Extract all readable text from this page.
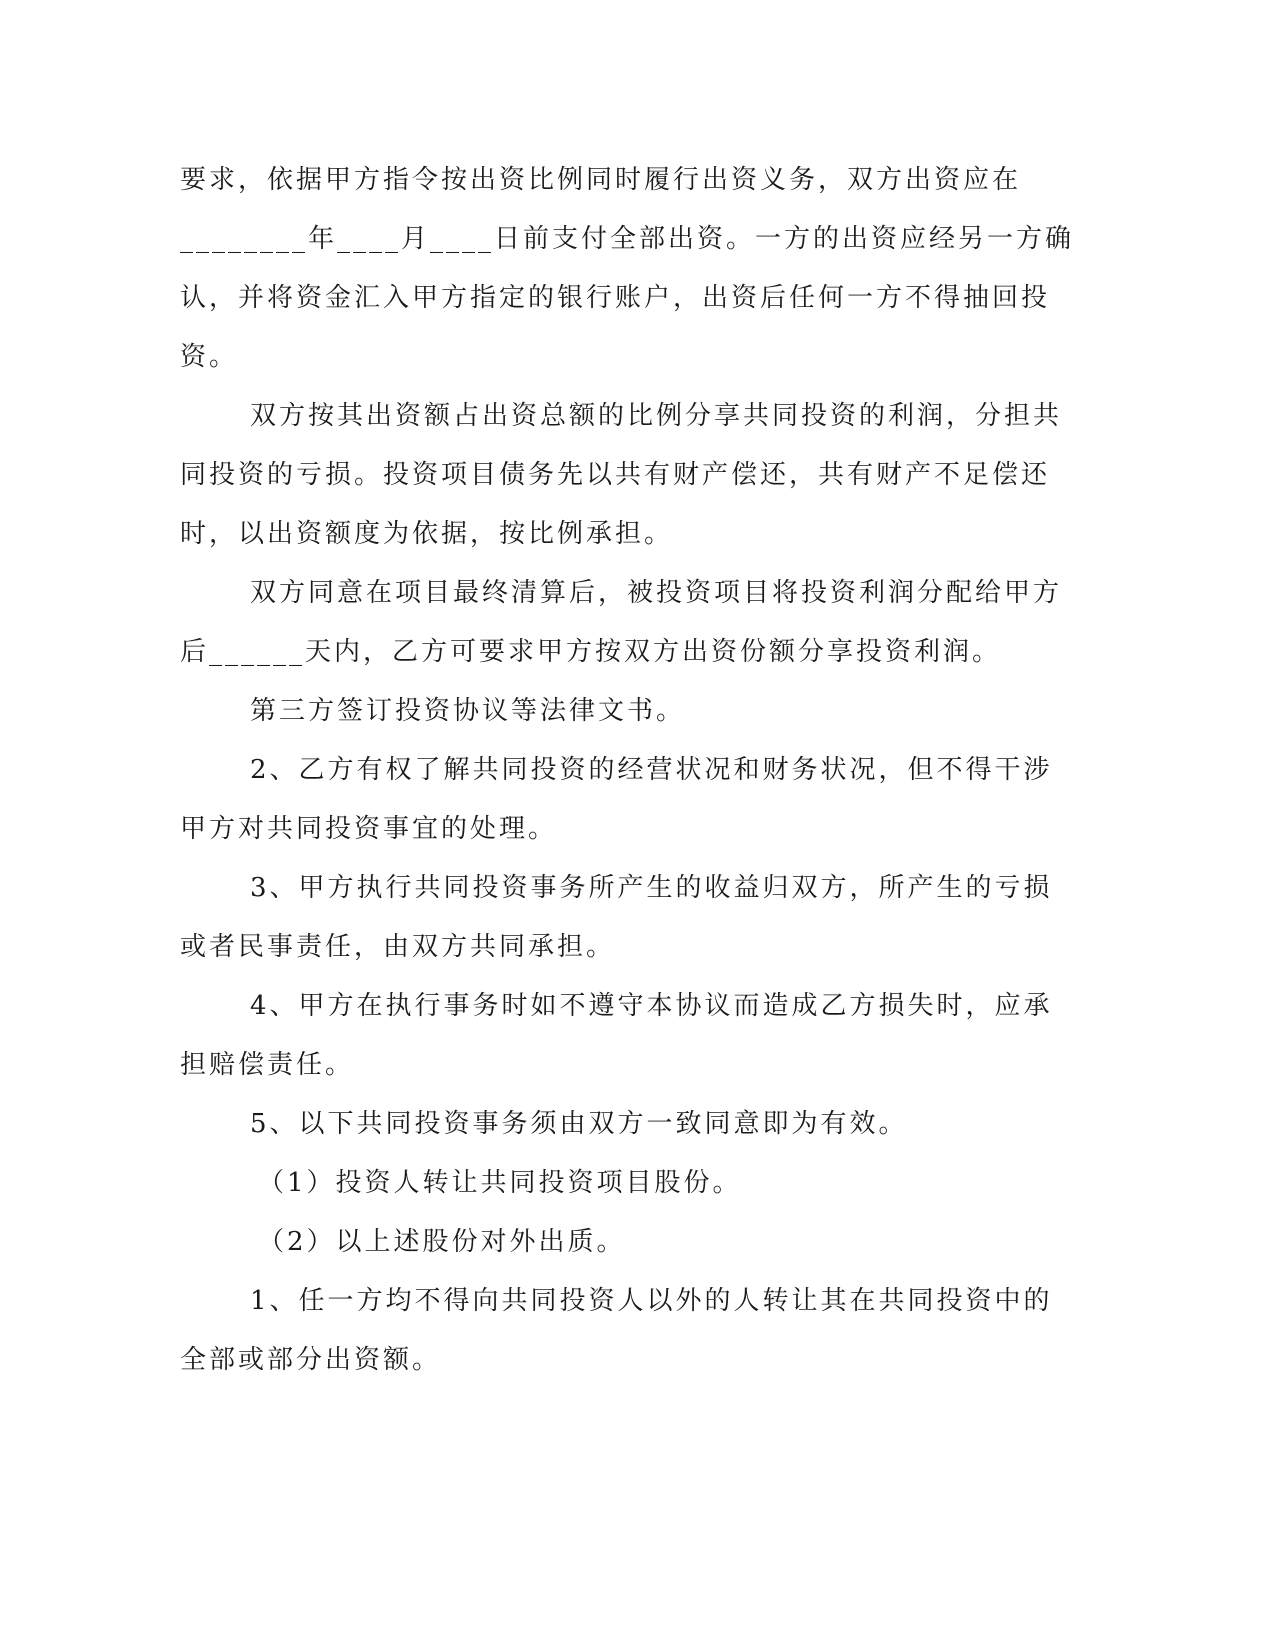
要求，依据甲方指令按出资比例同时履行出资义务，双方出资应在
________年____月____日前支付全部出资。一方的出资应经另一方确
认，并将资金汇入甲方指定的银行账户，出资后任何一方不得抽回投
资。
双方按其出资额占出资总额的比例分享共同投资的利润，分担共
同投资的亏损。投资项目债务先以共有财产偿还，共有财产不足偿还
时，以出资额度为依据，按比例承担。
双方同意在项目最终清算后，被投资项目将投资利润分配给甲方
后______天内，乙方可要求甲方按双方出资份额分享投资利润。
第三方签订投资协议等法律文书。
2、乙方有权了解共同投资的经营状况和财务状况，但不得干涉
甲方对共同投资事宜的处理。
3、甲方执行共同投资事务所产生的收益归双方，所产生的亏损
或者民事责任，由双方共同承担。
4、甲方在执行事务时如不遵守本协议而造成乙方损失时，应承
担赔偿责任。
5、以下共同投资事务须由双方一致同意即为有效。
（1）投资人转让共同投资项目股份。
（2）以上述股份对外出质。
1、任一方均不得向共同投资人以外的人转让其在共同投资中的
全部或部分出资额。
